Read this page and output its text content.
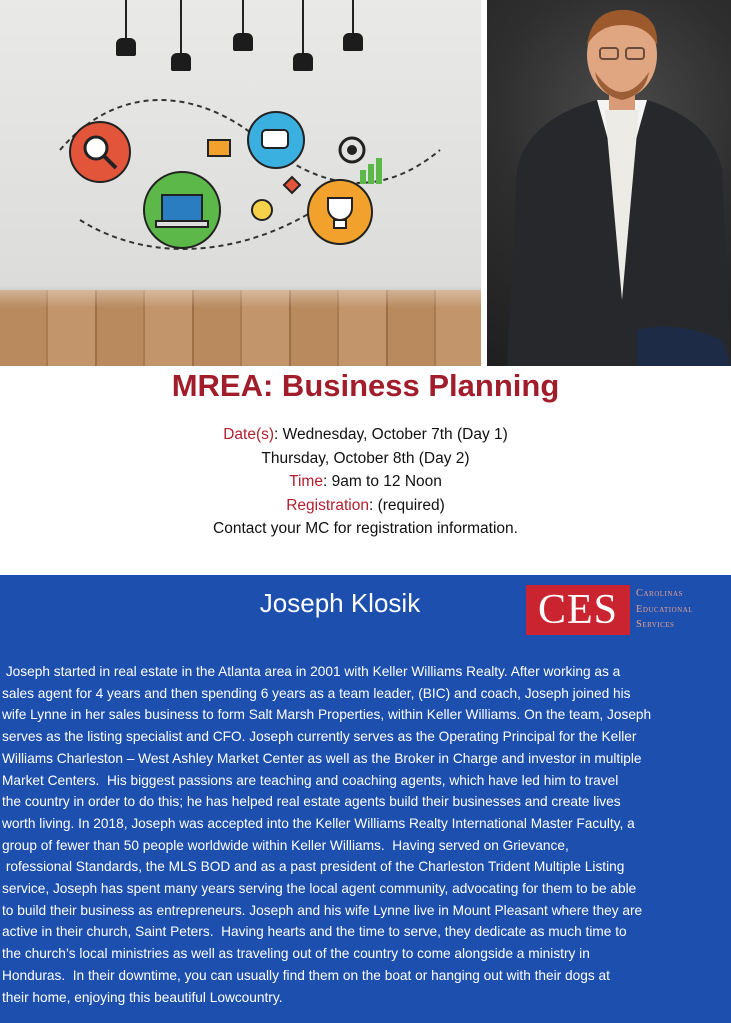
MREA: Business Planning
Date(s): Wednesday, October 7th (Day 1)
Thursday, October 8th (Day 2)
Time: 9am to 12 Noon
Registration: (required)
Contact your MC for registration information.
Joseph Klosik	CES	Carolinas
Educational
Services
Joseph started in real estate in the Atlanta area in 2001 with Keller Williams Realty. After working as a
sales agent for 4 years and then spending 6 years as a team leader, (BIC) and coach, Joseph joined his
wife Lynne in her sales business to form Salt Marsh Properties, within Keller Williams. On the team, Joseph
serves as the listing specialist and CFO. Joseph currently serves as the Operating Principal for the Keller
Williams Charleston – West Ashley Market Center as well as the Broker in Charge and investor in multiple
Market Centers.  His biggest passions are teaching and coaching agents, which have led him to travel
the country in order to do this; he has helped real estate agents build their businesses and create lives
worth living. In 2018, Joseph was accepted into the Keller Williams Realty International Master Faculty, a
group of fewer than 50 people worldwide within Keller Williams.  Having served on Grievance,
rofessional Standards, the MLS BOD and as a past president of the Charleston Trident Multiple Listing
service, Joseph has spent many years serving the local agent community, advocating for them to be able
to build their business as entrepreneurs. Joseph and his wife Lynne live in Mount Pleasant where they are
active in their church, Saint Peters.  Having hearts and the time to serve, they dedicate as much time to
the church’s local ministries as well as traveling out of the country to come alongside a ministry in
Honduras.  In their downtime, you can usually find them on the boat or hanging out with their dogs at
their home, enjoying this beautiful Lowcountry.
